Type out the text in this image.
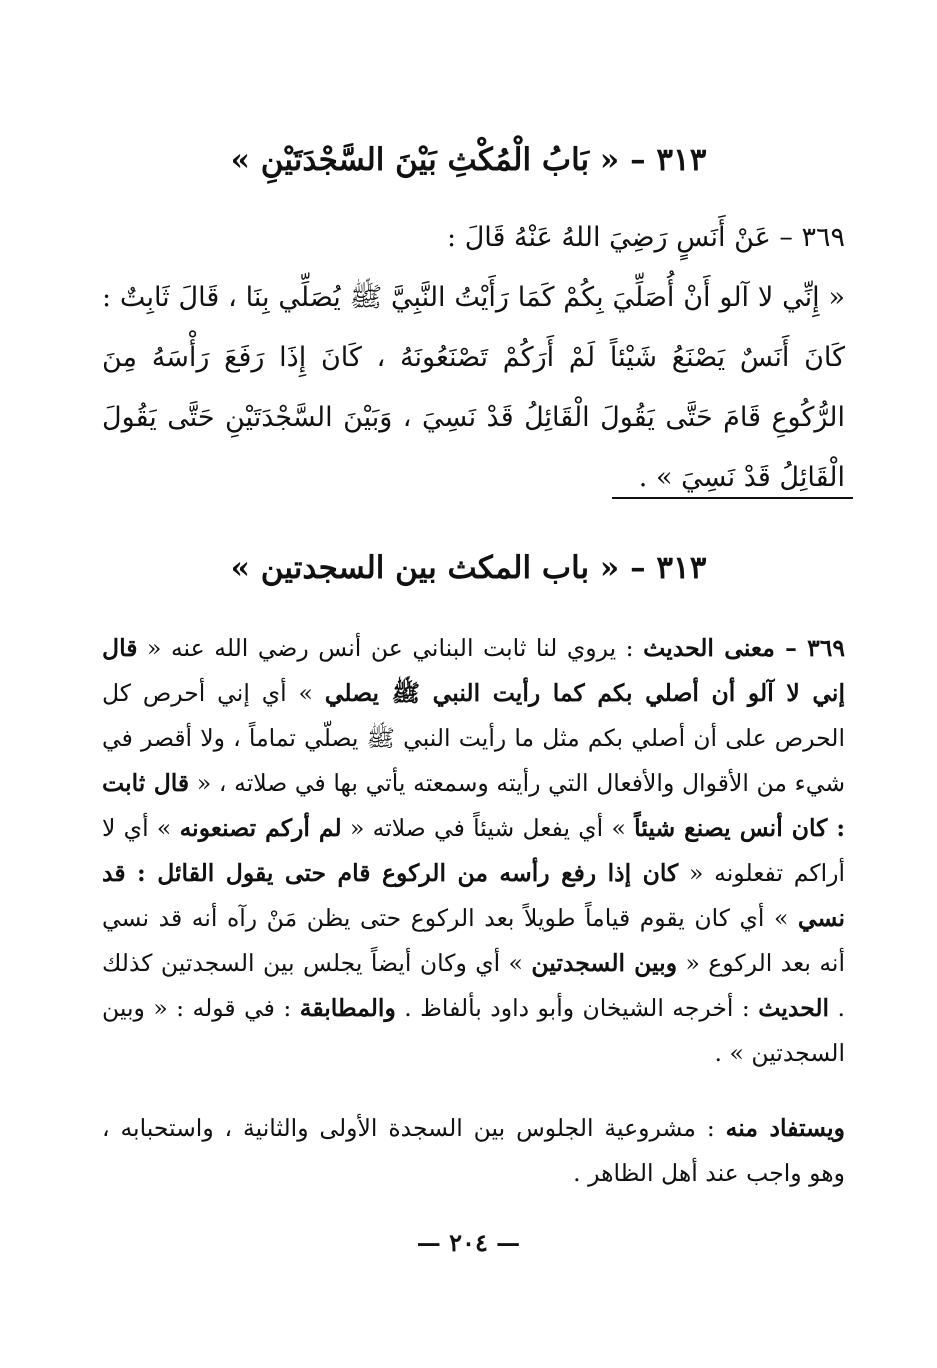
٣١٣ – « بَابُ الْمُكْثِ بَيْنَ السَّجْدَتَيْنِ »

٣٦٩ – عَنْ أَنَسٍ رَضِيَ اللهُ عَنْهُ قَالَ :

« إِنِّي لا آلو أَنْ أُصَلِّيَ بِكُمْ كَمَا رَأَيْتُ النَّبِيَّ ﷺ يُصَلِّي بِنَا ، قَالَ ثَابِتٌ : كَانَ أَنَسٌ يَصْنَعُ شَيْئاً لَمْ أَرَكُمْ تَصْنَعُونَهُ ، كَانَ إِذَا رَفَعَ رَأْسَهُ مِنَ الرُّكُوعِ قَامَ حَتَّى يَقُولَ الْقَائِلُ قَدْ نَسِيَ ، وَبَيْنَ السَّجْدَتَيْنِ حَتَّى يَقُولَ الْقَائِلُ قَدْ نَسِيَ » .

٣١٣ – « باب المكث بين السجدتين »

٣٦٩ – معنى الحديث : يروي لنا ثابت البناني عن أنس رضي الله عنه « قال إني لا آلو أن أصلي بكم كما رأيت النبي ﷺ يصلي » أي إني أحرص كل الحرص على أن أصلي بكم مثل ما رأيت النبي ﷺ يصلّي تماماً ، ولا أقصر في شيء من الأقوال والأفعال التي رأيته وسمعته يأتي بها في صلاته ، « قال ثابت : كان أنس يصنع شيئاً » أي يفعل شيئاً في صلاته « لم أركم تصنعونه » أي لا أراكم تفعلونه « كان إذا رفع رأسه من الركوع قام حتى يقول القائل : قد نسي » أي كان يقوم قياماً طويلاً بعد الركوع حتى يظن مَنْ رآه أنه قد نسي أنه بعد الركوع « وبين السجدتين » أي وكان أيضاً يجلس بين السجدتين كذلك . الحديث : أخرجه الشيخان وأبو داود بألفاظ . والمطابقة : في قوله : « وبين السجدتين » .

ويستفاد منه : مشروعية الجلوس بين السجدة الأولى والثانية ، واستحبابه ، وهو واجب عند أهل الظاهر .

— ٢٠٤ —
